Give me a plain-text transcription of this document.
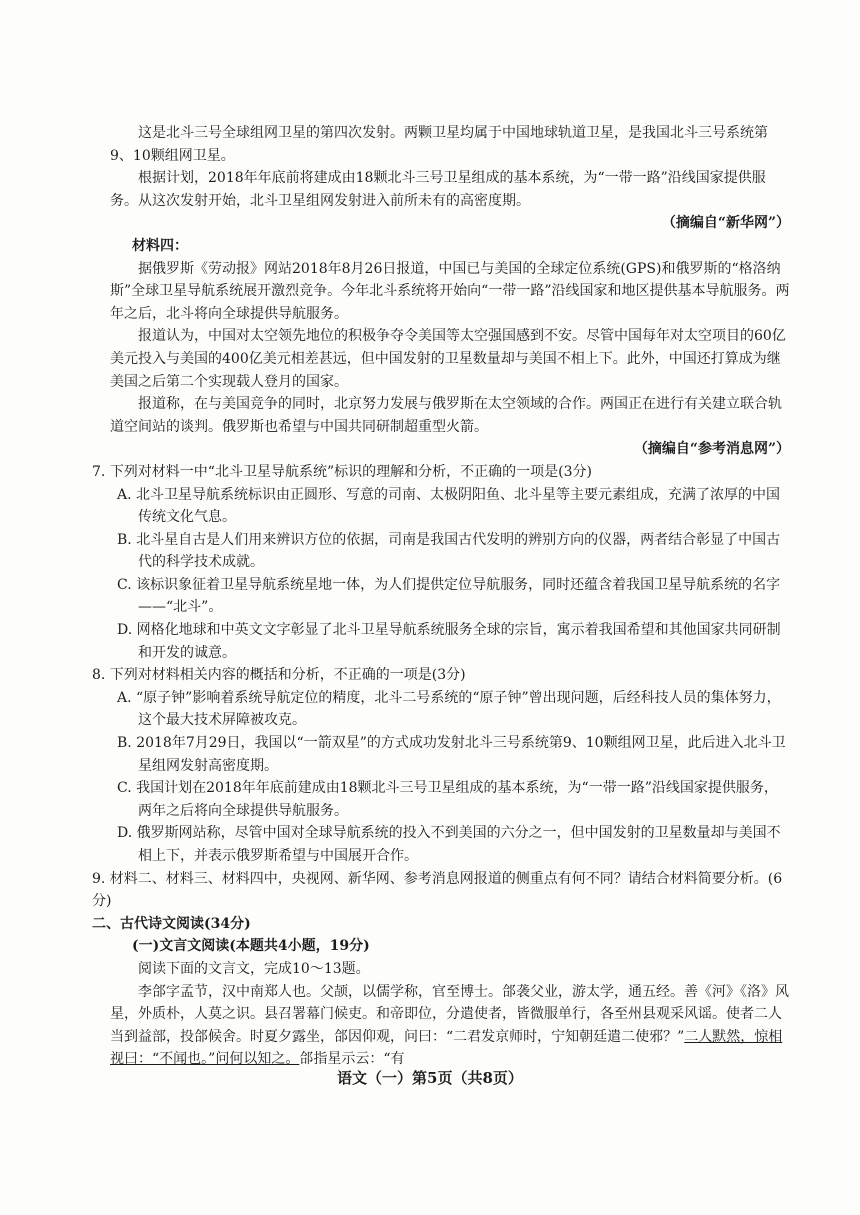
这是北斗三号全球组网卫星的第四次发射。两颗卫星均属于中国地球轨道卫星，是我国北斗三号系统第9、10颗组网卫星。

根据计划，2018年年底前将建成由18颗北斗三号卫星组成的基本系统，为“一带一路”沿线国家提供服务。从这次发射开始，北斗卫星组网发射进入前所未有的高密度期。

（摘编自“新华网”）

材料四：

据俄罗斯《劳动报》网站2018年8月26日报道，中国已与美国的全球定位系统(GPS)和俄罗斯的“格洛纳斯”全球卫星导航系统展开激烈竞争。今年北斗系统将开始向“一带一路”沿线国家和地区提供基本导航服务。两年之后，北斗将向全球提供导航服务。

报道认为，中国对太空领先地位的积极争夺令美国等太空强国感到不安。尽管中国每年对太空项目的60亿美元投入与美国的400亿美元相差甚远，但中国发射的卫星数量却与美国不相上下。此外，中国还打算成为继美国之后第二个实现载人登月的国家。

报道称，在与美国竞争的同时，北京努力发展与俄罗斯在太空领域的合作。两国正在进行有关建立联合轨道空间站的谈判。俄罗斯也希望与中国共同研制超重型火箭。

（摘编自“参考消息网”）

7. 下列对材料一中“北斗卫星导航系统”标识的理解和分析，不正确的一项是(3分)

A. 北斗卫星导航系统标识由正圆形、写意的司南、太极阴阳鱼、北斗星等主要元素组成，充满了浓厚的中国传统文化气息。

B. 北斗星自古是人们用来辨识方位的依据，司南是我国古代发明的辨别方向的仪器，两者结合彰显了中国古代的科学技术成就。

C. 该标识象征着卫星导航系统星地一体，为人们提供定位导航服务，同时还蕴含着我国卫星导航系统的名字——“北斗”。

D. 网格化地球和中英文文字彰显了北斗卫星导航系统服务全球的宗旨，寓示着我国希望和其他国家共同研制和开发的诚意。

8. 下列对材料相关内容的概括和分析，不正确的一项是(3分)

A. “原子钟”影响着系统导航定位的精度，北斗二号系统的“原子钟”曾出现问题，后经科技人员的集体努力，这个最大技术屏障被攻克。

B. 2018年7月29日，我国以“一箭双星”的方式成功发射北斗三号系统第9、10颗组网卫星，此后进入北斗卫星组网发射高密度期。

C. 我国计划在2018年年底前建成由18颗北斗三号卫星组成的基本系统，为“一带一路”沿线国家提供服务，两年之后将向全球提供导航服务。

D. 俄罗斯网站称，尽管中国对全球导航系统的投入不到美国的六分之一，但中国发射的卫星数量却与美国不相上下，并表示俄罗斯希望与中国展开合作。

9. 材料二、材料三、材料四中，央视网、新华网、参考消息网报道的侧重点有何不同？请结合材料简要分析。(6分)

二、古代诗文阅读(34分)

(一)文言文阅读(本题共4小题，19分)

阅读下面的文言文，完成10～13题。

李郃字孟节，汉中南郑人也。父颉，以儒学称，官至博士。郃袭父业，游太学，通五经。善《河》《洛》风星，外质朴，人莫之识。县召署幕门候吏。和帝即位，分遣使者，皆微服单行，各至州县观采风谣。使者二人当到益部，投郃候舍。时夏夕露坐，郃因仰观，问曰：“二君发京师时，宁知朝廷遣二使邪？”二人默然，惊相视曰：“不闻也。”问何以知之。郃指星示云：“有

语文（一）第5页（共8页）
